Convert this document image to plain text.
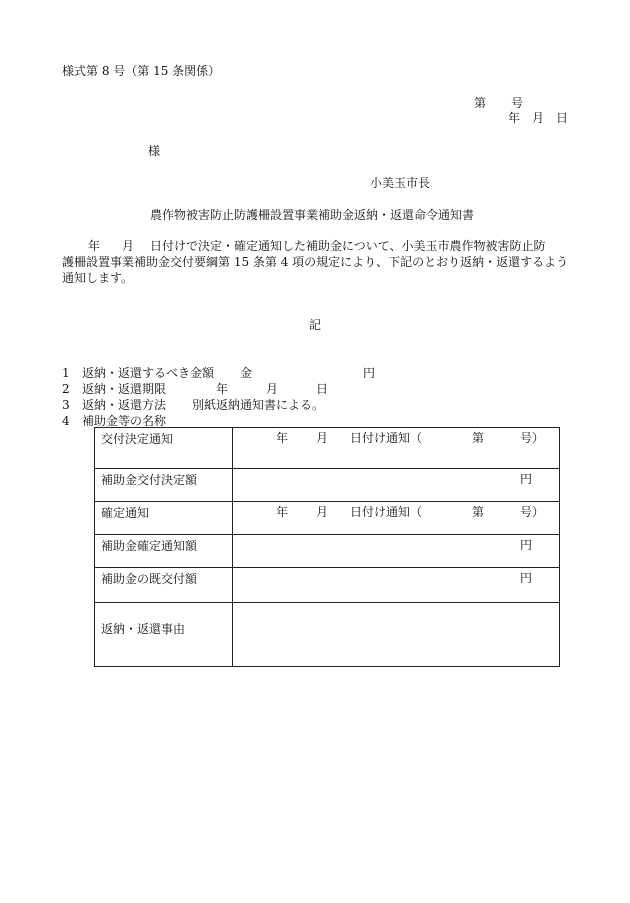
様式第 8 号（第 15 条関係）
第 号
年 月 日
様
小美玉市長
農作物被害防止防護柵設置事業補助金返納・返還命令通知書
年 月 日付けで決定・確定通知した補助金について、小美玉市農作物被害防止防
護柵設置事業補助金交付要綱第 15 条第 4 項の規定により、下記のとおり返納・返還するよう
通知します。
記
1 返納・返還するべき金額 金	円
2 返納・返還期限	年	月	日
3 返納・返還方法 別紙返納通知書による。
4 補助金等の名称
交付決定通知	年 月 日付け通知（ 第 号）

補助金交付決定額	円

確定通知	年 月 日付け通知（ 第 号）

補助金確定通知額	円

補助金の既交付額	円

返納・返還事由	
